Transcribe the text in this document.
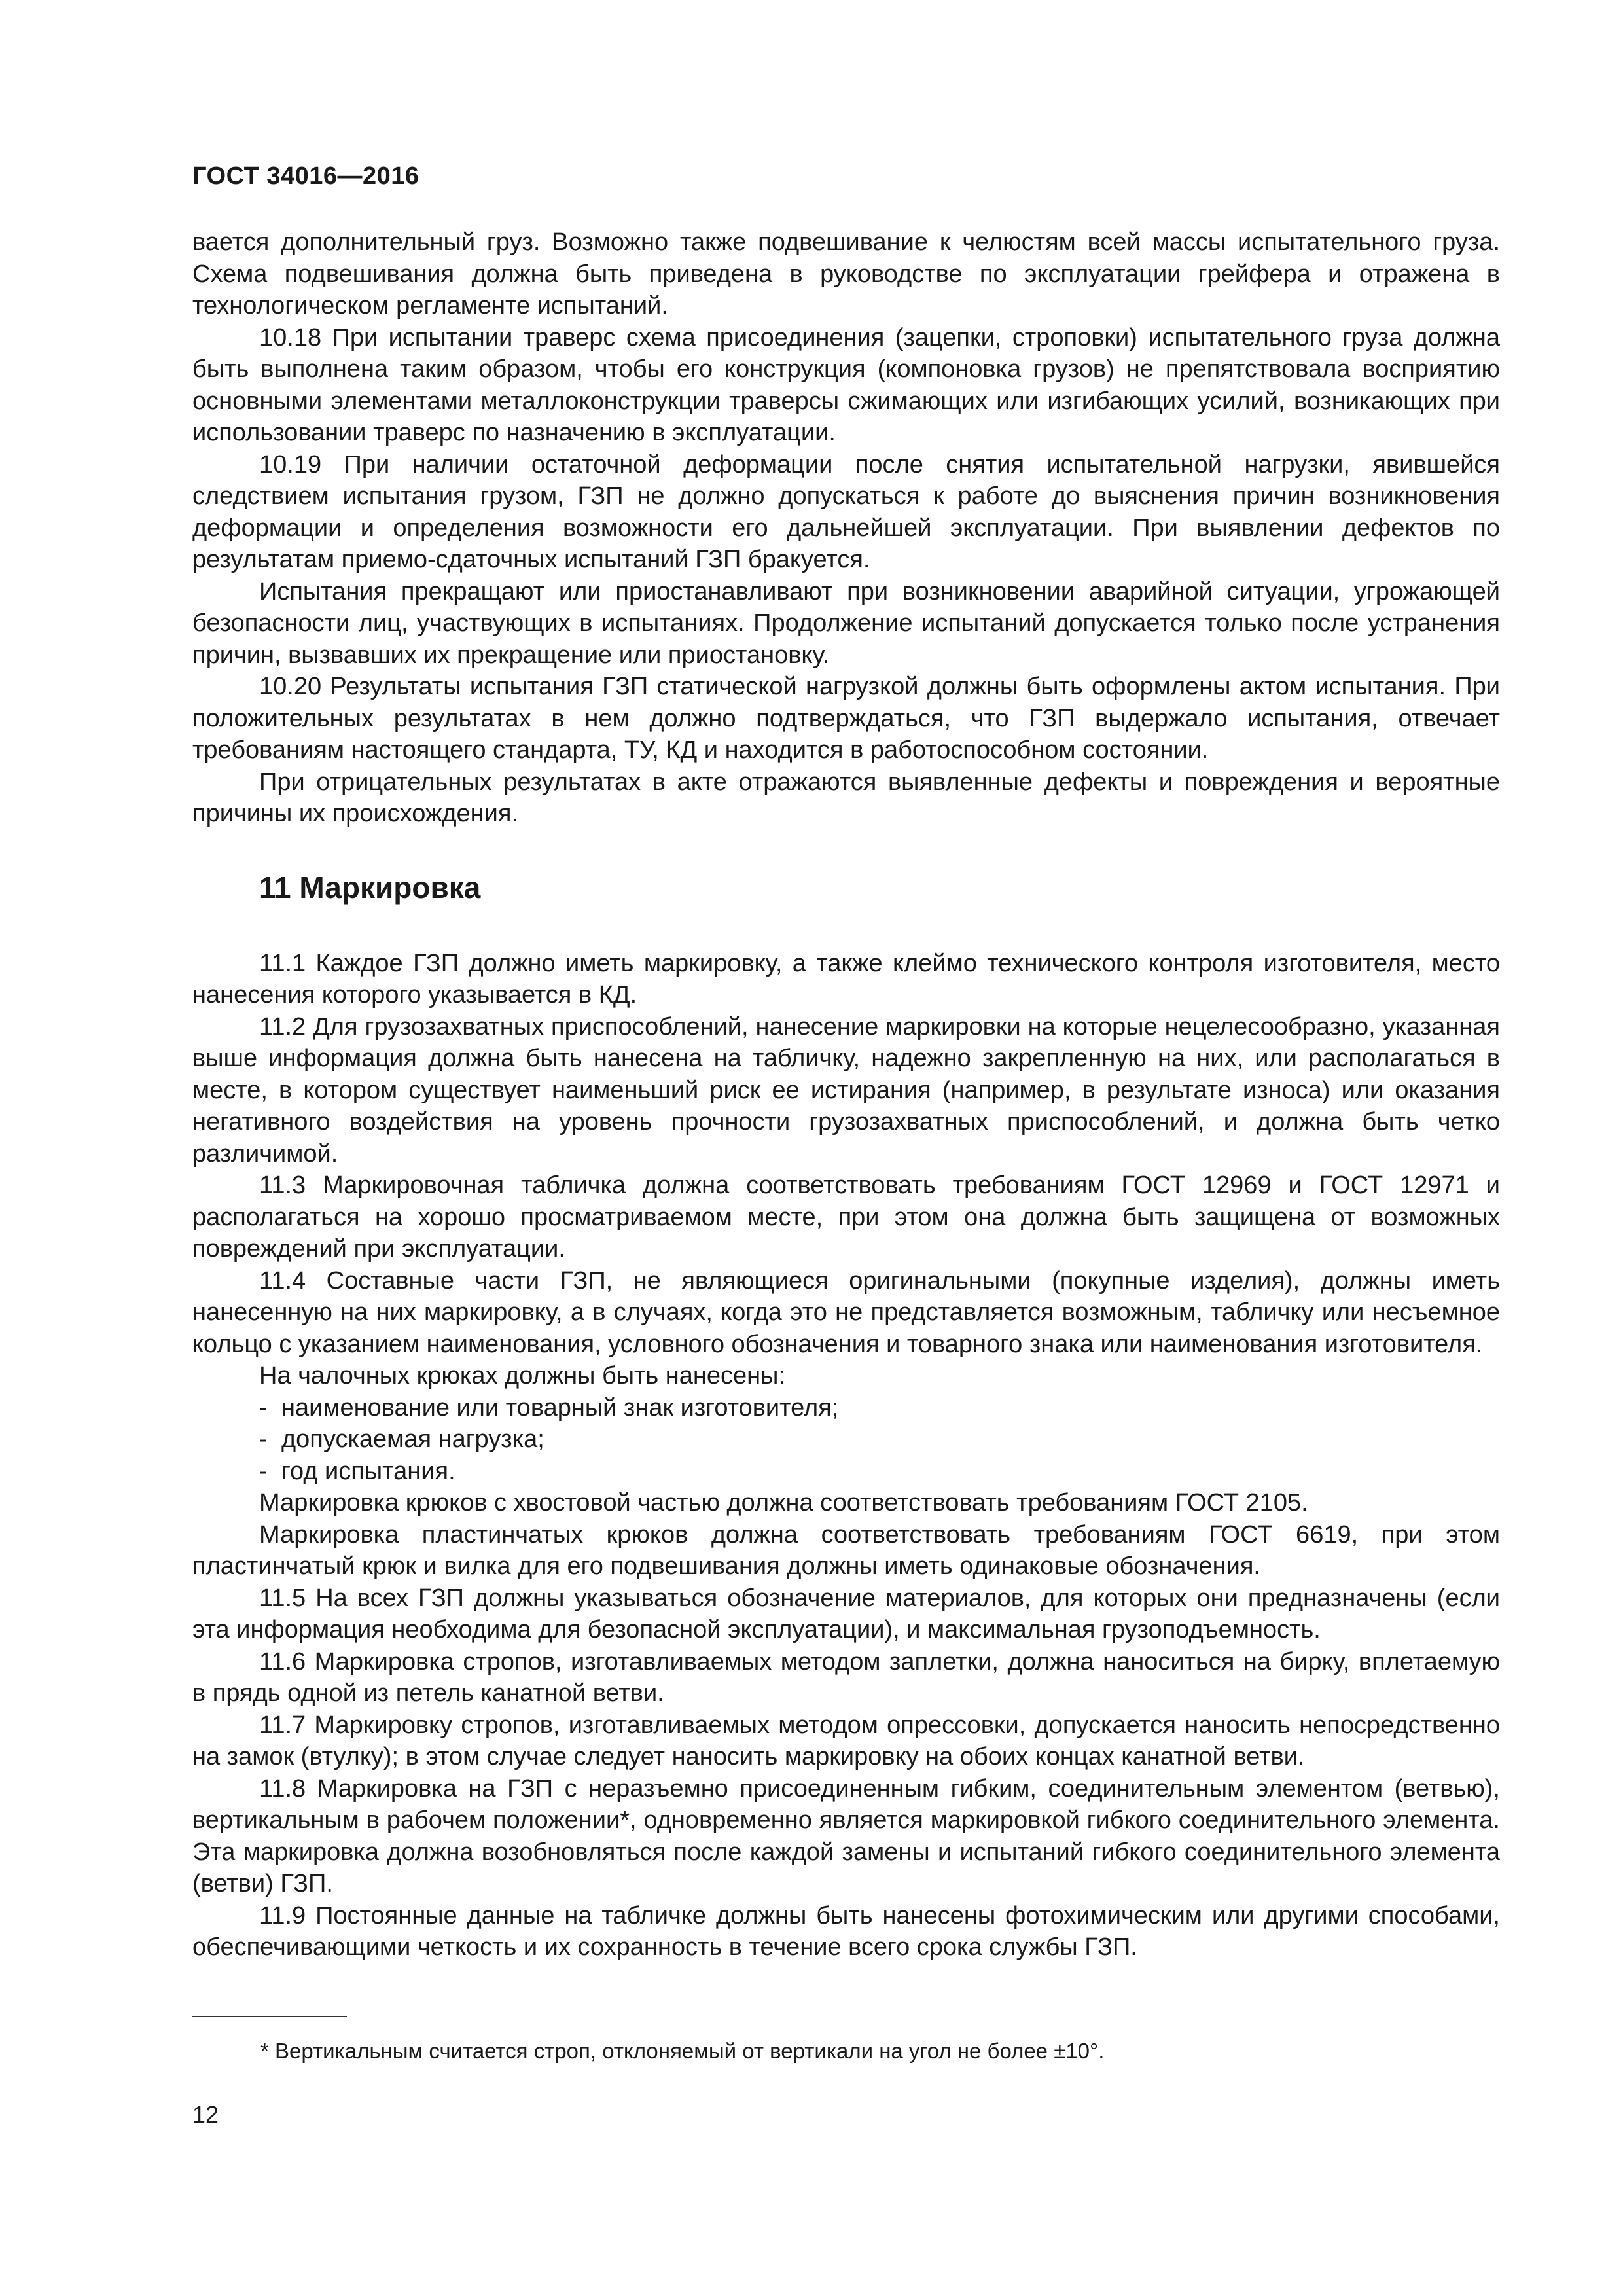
ГОСТ 34016—2016

вается дополнительный груз. Возможно также подвешивание к челюстям всей массы испытательного груза. Схема подвешивания должна быть приведена в руководстве по эксплуатации грейфера и отражена в технологическом регламенте испытаний.

10.18 При испытании траверс схема присоединения (зацепки, строповки) испытательного груза должна быть выполнена таким образом, чтобы его конструкция (компоновка грузов) не препятствовала восприятию основными элементами металлоконструкции траверсы сжимающих или изгибающих усилий, возникающих при использовании траверс по назначению в эксплуатации.

10.19 При наличии остаточной деформации после снятия испытательной нагрузки, явившейся следствием испытания грузом, ГЗП не должно допускаться к работе до выяснения причин возникновения деформации и определения возможности его дальнейшей эксплуатации. При выявлении дефектов по результатам приемо-сдаточных испытаний ГЗП бракуется.

Испытания прекращают или приостанавливают при возникновении аварийной ситуации, угрожающей безопасности лиц, участвующих в испытаниях. Продолжение испытаний допускается только после устранения причин, вызвавших их прекращение или приостановку.

10.20 Результаты испытания ГЗП статической нагрузкой должны быть оформлены актом испытания. При положительных результатах в нем должно подтверждаться, что ГЗП выдержало испытания, отвечает требованиям настоящего стандарта, ТУ, КД и находится в работоспособном состоянии.

При отрицательных результатах в акте отражаются выявленные дефекты и повреждения и вероятные причины их происхождения.

11 Маркировка

11.1 Каждое ГЗП должно иметь маркировку, а также клеймо технического контроля изготовителя, место нанесения которого указывается в КД.

11.2 Для грузозахватных приспособлений, нанесение маркировки на которые нецелесообразно, указанная выше информация должна быть нанесена на табличку, надежно закрепленную на них, или располагаться в месте, в котором существует наименьший риск ее истирания (например, в результате износа) или оказания негативного воздействия на уровень прочности грузозахватных приспособлений, и должна быть четко различимой.

11.3 Маркировочная табличка должна соответствовать требованиям ГОСТ 12969 и ГОСТ 12971 и располагаться на хорошо просматриваемом месте, при этом она должна быть защищена от возможных повреждений при эксплуатации.

11.4 Составные части ГЗП, не являющиеся оригинальными (покупные изделия), должны иметь нанесенную на них маркировку, а в случаях, когда это не представляется возможным, табличку или несъемное кольцо с указанием наименования, условного обозначения и товарного знака или наименования изготовителя.

На чалочных крюках должны быть нанесены:

- наименование или товарный знак изготовителя;

- допускаемая нагрузка;

- год испытания.

Маркировка крюков с хвостовой частью должна соответствовать требованиям ГОСТ 2105.

Маркировка пластинчатых крюков должна соответствовать требованиям ГОСТ 6619, при этом пластинчатый крюк и вилка для его подвешивания должны иметь одинаковые обозначения.

11.5 На всех ГЗП должны указываться обозначение материалов, для которых они предназначены (если эта информация необходима для безопасной эксплуатации), и максимальная грузоподъемность.

11.6 Маркировка стропов, изготавливаемых методом заплетки, должна наноситься на бирку, вплетаемую в прядь одной из петель канатной ветви.

11.7 Маркировку стропов, изготавливаемых методом опрессовки, допускается наносить непосредственно на замок (втулку); в этом случае следует наносить маркировку на обоих концах канатной ветви.

11.8 Маркировка на ГЗП с неразъемно присоединенным гибким, соединительным элементом (ветвью), вертикальным в рабочем положении*, одновременно является маркировкой гибкого соединительного элемента. Эта маркировка должна возобновляться после каждой замены и испытаний гибкого соединительного элемента (ветви) ГЗП.

11.9 Постоянные данные на табличке должны быть нанесены фотохимическим или другими способами, обеспечивающими четкость и их сохранность в течение всего срока службы ГЗП.

* Вертикальным считается строп, отклоняемый от вертикали на угол не более ±10°.
12
